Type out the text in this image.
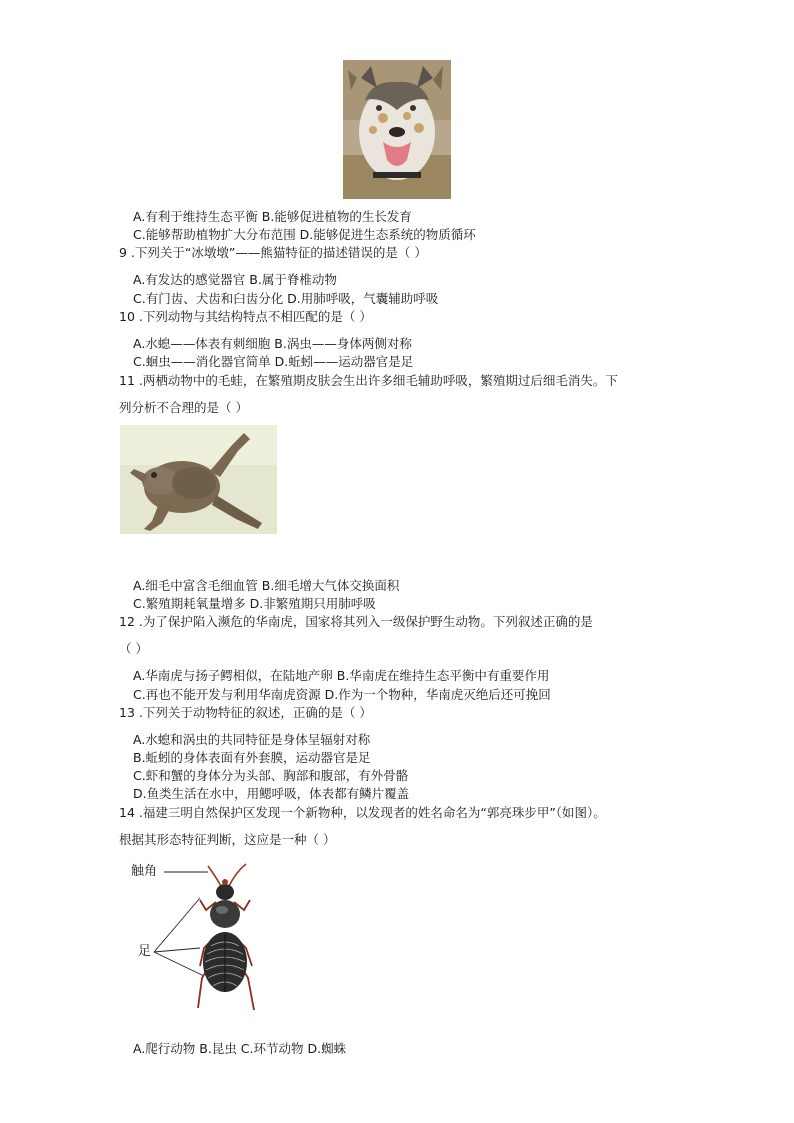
A.有利于维持生态平衡 B.能够促进植物的生长发育
C.能够帮助植物扩大分布范围 D.能够促进生态系统的物质循环
9 .下列关于“冰墩墩”——熊猫特征的描述错误的是（ ）
A.有发达的感觉器官 B.属于脊椎动物
C.有门齿、犬齿和臼齿分化 D.用肺呼吸，气囊辅助呼吸
10 .下列动物与其结构特点不相匹配的是（ ）
A.水螅——体表有刺细胞 B.涡虫——身体两侧对称
C.蛔虫——消化器官简单 D.蚯蚓——运动器官是足
11 .两栖动物中的毛蛙，在繁殖期皮肤会生出许多细毛辅助呼吸，繁殖期过后细毛消失。下
列分析不合理的是（ ）
A.细毛中富含毛细血管 B.细毛增大气体交换面积
C.繁殖期耗氧量增多 D.非繁殖期只用肺呼吸
12 .为了保护陷入濒危的华南虎，国家将其列入一级保护野生动物。下列叙述正确的是
（ ）
A.华南虎与扬子鳄相似，在陆地产卵 B.华南虎在维持生态平衡中有重要作用
C.再也不能开发与利用华南虎资源 D.作为一个物种，华南虎灭绝后还可挽回
13 .下列关于动物特征的叙述，正确的是（ ）
A.水螅和涡虫的共同特征是身体呈辐射对称
B.蚯蚓的身体表面有外套膜，运动器官是足
C.虾和蟹的身体分为头部、胸部和腹部，有外骨骼
D.鱼类生活在水中，用鳃呼吸，体表都有鳞片覆盖
14 .福建三明自然保护区发现一个新物种，以发现者的姓名命名为“郭亮珠步甲”（如图）。
根据其形态特征判断，这应是一种（ ）
触角
足
A.爬行动物 B.昆虫 C.环节动物 D.蜘蛛
